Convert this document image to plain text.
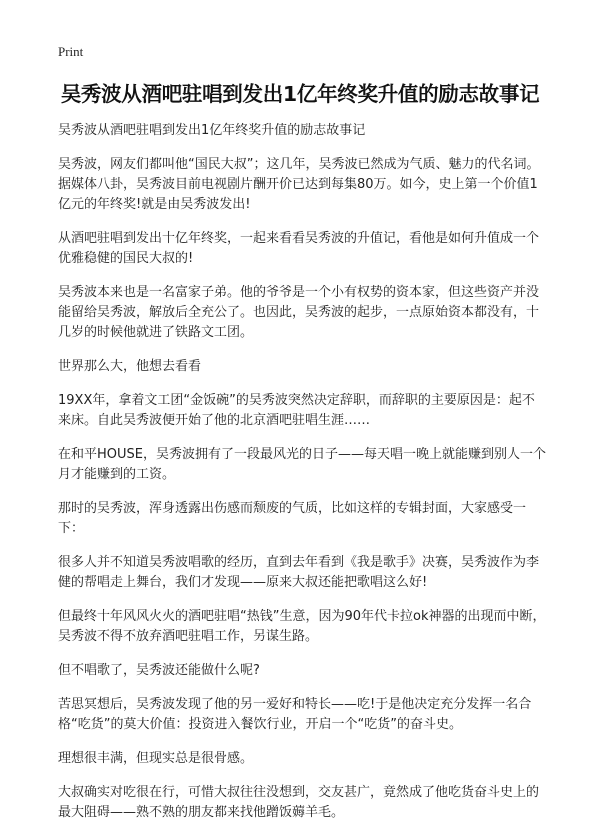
Print
吴秀波从酒吧驻唱到发出1亿年终奖升值的励志故事记

吴秀波从酒吧驻唱到发出1亿年终奖升值的励志故事记

吴秀波，网友们都叫他“国民大叔”；这几年，吴秀波已然成为气质、魅力的代名词。据媒体八卦，吴秀波目前电视剧片酬开价已达到每集80万。如今，史上第一个价值1亿元的年终奖!就是由吴秀波发出!

从酒吧驻唱到发出十亿年终奖，一起来看看吴秀波的升值记，看他是如何升值成一个优雅稳健的国民大叔的!

吴秀波本来也是一名富家子弟。他的爷爷是一个小有权势的资本家，但这些资产并没能留给吴秀波，解放后全充公了。也因此，吴秀波的起步，一点原始资本都没有，十几岁的时候他就进了铁路文工团。

世界那么大，他想去看看

19XX年，拿着文工团“金饭碗”的吴秀波突然决定辞职，而辞职的主要原因是：起不来床。自此吴秀波便开始了他的北京酒吧驻唱生涯……

在和平HOUSE，吴秀波拥有了一段最风光的日子——每天唱一晚上就能赚到别人一个月才能赚到的工资。

那时的吴秀波，浑身透露出伤感而颓废的气质，比如这样的专辑封面，大家感受一下：

很多人并不知道吴秀波唱歌的经历，直到去年看到《我是歌手》决赛，吴秀波作为李健的帮唱走上舞台，我们才发现——原来大叔还能把歌唱这么好!

但最终十年风风火火的酒吧驻唱“热钱”生意，因为90年代卡拉ok神器的出现而中断，吴秀波不得不放弃酒吧驻唱工作，另谋生路。

但不唱歌了，吴秀波还能做什么呢?

苦思冥想后，吴秀波发现了他的另一爱好和特长——吃!于是他决定充分发挥一名合格“吃货”的莫大价值：投资进入餐饮行业，开启一个“吃货”的奋斗史。

理想很丰满，但现实总是很骨感。

大叔确实对吃很在行，可惜大叔往往没想到，交友甚广，竟然成了他吃货奋斗史上的最大阻碍——熟不熟的朋友都来找他蹭饭薅羊毛。
